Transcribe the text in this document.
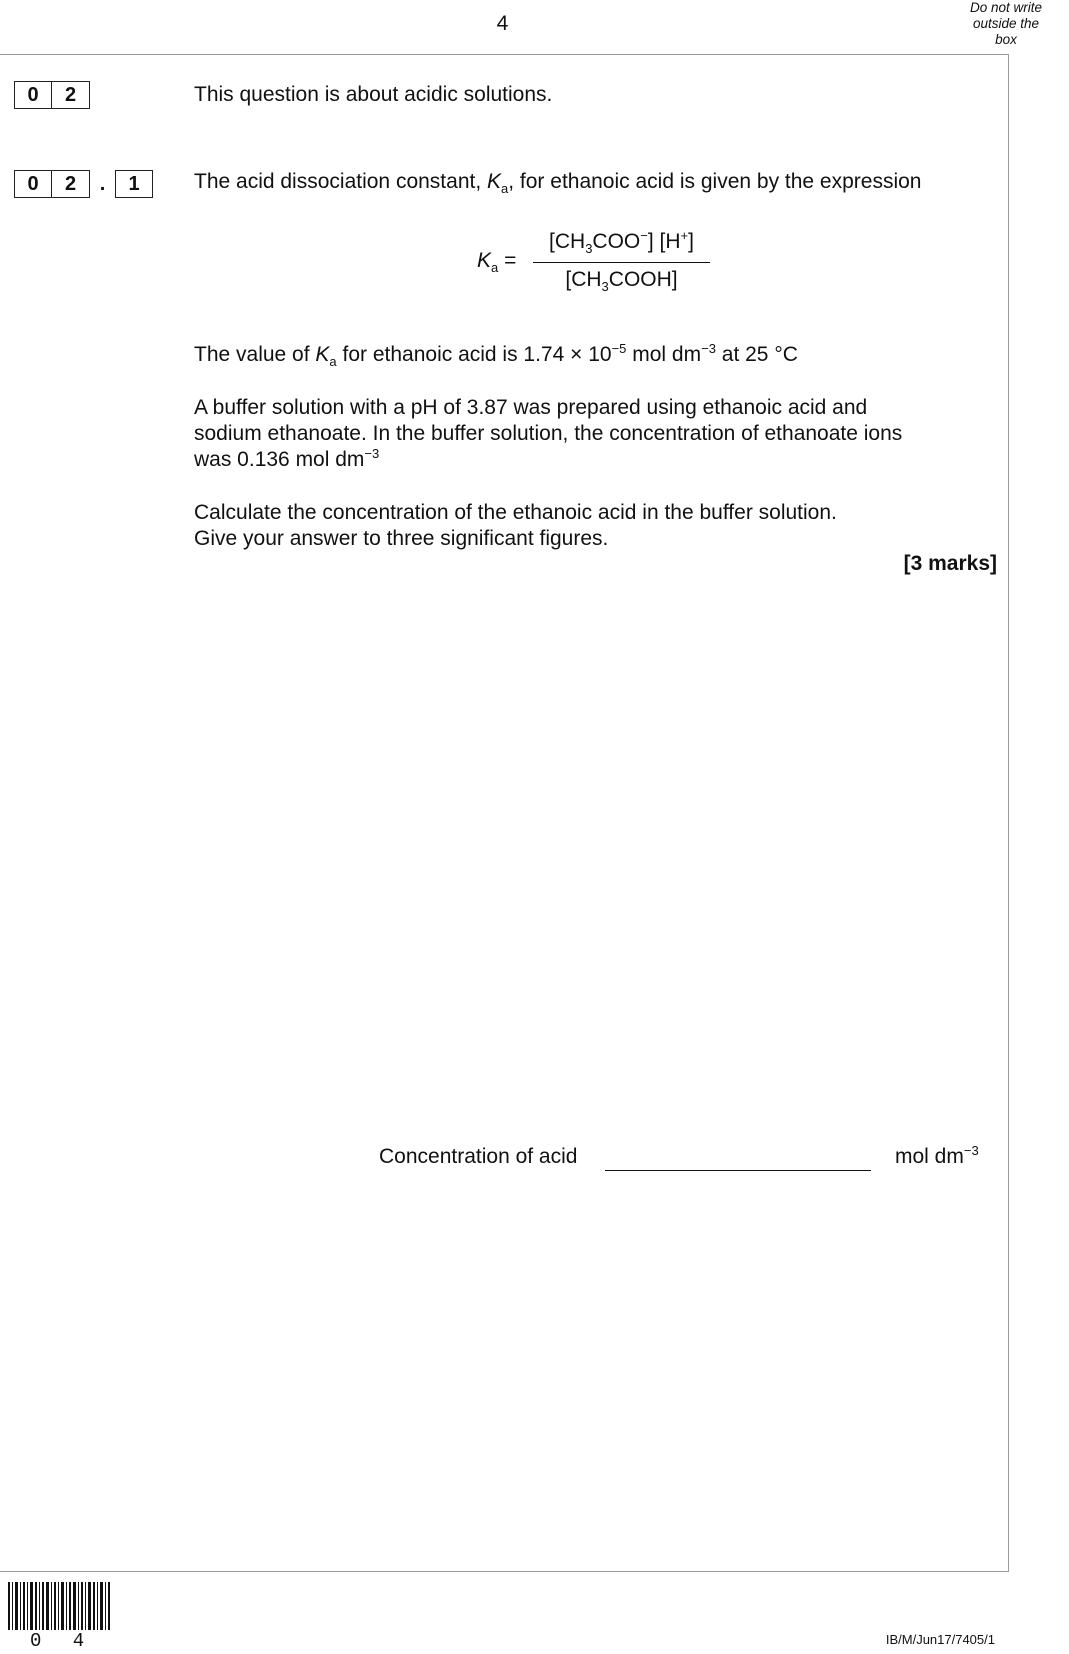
4
Do not write
outside the
box
0 2	This question is about acidic solutions.
0 2 . 1	The acid dissociation constant, $K_a$, for ethanoic acid is given by the expression
$K_a$ =
$[CH_3COO^-]$ [H+]
$[CH_3COOH]$
The value of $K_a$ for ethanoic acid is $1.74 \times 10^{-5}$ mol $dm^{-3}$ at 25 °C
A buffer solution with a pH of 3.87 was prepared using ethanoic acid and
sodium ethanoate. In the buffer solution, the concentration of ethanoate ions
was 0.136 mol $dm^{-3}$
Calculate the concentration of the ethanoic acid in the buffer solution.
Give your answer to three significant figures.
[3 marks]
Concentration of acid	mol $dm^{-3}$
0 4	IB/M/Jun17/7405/1
